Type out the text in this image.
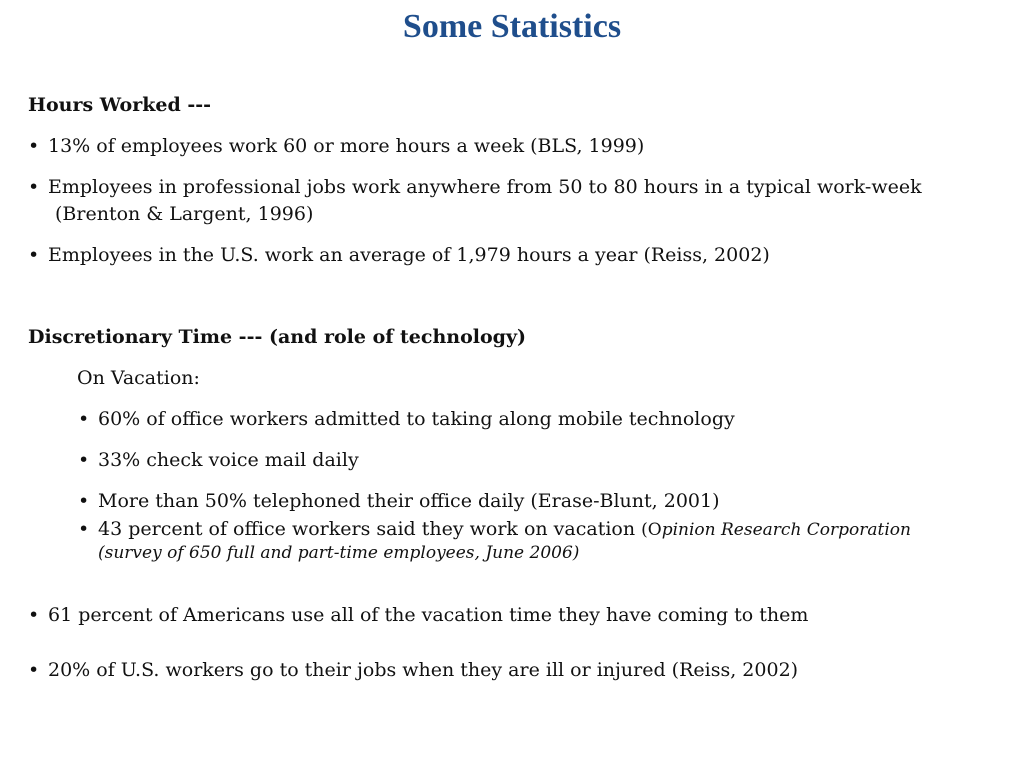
Some Statistics
Hours Worked ---
• 13% of employees work 60 or more hours a week (BLS, 1999)
• Employees in professional jobs work anywhere from 50 to 80 hours in a typical work-week
(Brenton & Largent, 1996)
• Employees in the U.S. work an average of 1,979 hours a year (Reiss, 2002)
Discretionary Time --- (and role of technology)
On Vacation:
• 60% of office workers admitted to taking along mobile technology
• 33% check voice mail daily
• More than 50% telephoned their office daily (Erase-Blunt, 2001)
• 43 percent of office workers said they work on vacation (Opinion Research Corporation
(survey of 650 full and part-time employees, June 2006)
• 61 percent of Americans use all of the vacation time they have coming to them
• 20% of U.S. workers go to their jobs when they are ill or injured (Reiss, 2002)
